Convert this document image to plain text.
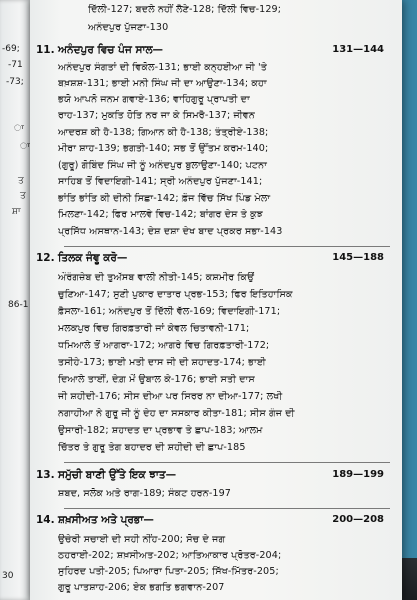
-69;
-71
-73;
ਾ
ਾ
ਤ
ਤ
ਸ਼ਾ
86-1
30
ਦਿੱਲੀ-127; ਬਦਲੇ ਨਹੀਂ ਲੈਣੇ-128; ਦਿੱਲੀ ਵਿਚ-129;
ਅਨੰਦਪੁਰ ਪੁੱਜਣਾ-130
11. ਅਨੰਦਪੁਰ ਵਿਚ ਪੰਜ ਸਾਲ—	131—144
ਅਨੰਦਪੁਰ ਸੰਗਤਾਂ ਦੀ ਵਿਕੋਲ-131; ਭਾਈ ਕਨ੍ਹਈਆ ਜੀ 'ਤੇ
ਬਖ਼ਸ਼ਸ਼-131; ਭਾਈ ਮਨੀ ਸਿੰਘ ਜੀ ਦਾ ਆਉਣਾ-134; ਕਹਾ
ਭਯੋ ਆਪਨੋ ਜਨਮ ਗਵਾਏ-136; ਵਾਹਿਗੁਰੂ ਪ੍ਰਾਪਤੀ ਦਾ
ਰਾਹ-137; ਮੁਕਤਿ ਹੋਤਿ ਨਰ ਜਾ ਕੇ ਸਿਮਰੈ-137; ਜੀਵਨ
ਆਦਰਸ਼ ਕੀ ਹੈ-138; ਗਿਆਨ ਕੀ ਹੈ-138; ਤੰਤ੍ਰੀਏ-138;
ਮੀਰਾ ਸ਼ਾਹ-139; ਭਗਤੀ-140; ਸਭ ਤੋਂ ਉੱਤਮ ਕਰਮ-140;
(ਗੁਰੂ) ਗੋਬਿੰਦ ਸਿੰਘ ਜੀ ਨੂੰ ਅਨੰਦਪੁਰ ਬੁਲਾਉਣਾ-140; ਪਟਨਾ
ਸਾਹਿਬ ਤੋਂ ਵਿਦਾਇਗੀ-141; ਸ੍ਰੀ ਅਨੰਦਪੁਰ ਪੁੱਜਣਾ-141;
ਭਾਂਤਿ ਭਾਂਤਿ ਕੀ ਦੀਨੀ ਸਿਛਾ-142; ਫ਼ੌਜ ਵਿੱਚ ਸਿੱਖ ਪਿੰਡ ਮੇਲਾ
ਮਿਲਣਾ-142; ਫਿਰ ਮਾਲਵੇ ਵਿਚ-142; ਬਾਂਗਰ ਦੇਸ ਤੇ ਕੁਝ
ਪ੍ਰਸਿੱਧ ਅਸਥਾਨ-143; ਦੇਸ਼ ਦਸ਼ਾ ਦੇਖ ਬਾਦ ਪ੍ਰਕਰ ਸਭਾ-143
12. ਤਿਲਕ ਜੰਞੂ ਕਰੋ—	145—188
ਔਰੰਗਜ਼ੇਬ ਦੀ ਤੁਅੱਸਬ ਵਾਲੀ ਨੀਤੀ-145; ਕਸ਼ਮੀਰ ਕਿਉਂ
ਚੁਣਿਆ-147; ਸੁਣੀ ਪੁਕਾਰ ਦਾਤਾਰ ਪ੍ਰਭ-153; ਫਿਰ ਇਤਿਹਾਸਿਕ
ਫ਼ੈਸਲਾ-161; ਅਨੰਦਪੁਰ ਤੋਂ ਦਿੱਲੀ ਵੱਲ-169; ਵਿਦਾਇਗੀ-171;
ਮਲਕਪੁਰ ਵਿਚ ਗਿਰਫ਼ਤਾਰੀ ਜਾਂ ਕੇਵਲ ਚਿਤਾਵਨੀ-171;
ਧਮਿਆਲੇ ਤੋਂ ਆਗਰਾ-172; ਆਗਰੇ ਵਿਚ ਗਿਰਫ਼ਤਾਰੀ-172;
ਤਸੀਹੇ-173; ਭਾਈ ਮਤੀ ਦਾਸ ਜੀ ਦੀ ਸ਼ਹਾਦਤ-174; ਭਾਈ
ਦਿਆਲੇ ਤਾਈਂ, ਦੇਗ਼ ਮੇਂ ਉਬਾਲ ਕੇ-176; ਭਾਈ ਸਤੀ ਦਾਸ
ਜੀ ਸ਼ਹੀਦੀ-176; ਸੀਸ ਦੀਆ ਪਰ ਸਿਰਰ ਨਾ ਦੀਆ-177; ਲਖੀ
ਨਗਾਹੀਆ ਨੇ ਗੁਰੂ ਜੀ ਨੂੰ ਦੇਹ ਦਾ ਸਸਕਾਰ ਕੀਤਾ-181; ਸੀਸ ਗੰਜ ਦੀ
ਉਸਾਰੀ-182; ਸ਼ਹਾਦਤ ਦਾ ਪ੍ਰਭਾਵ ਤੇ ਛਾਪ-183; ਆਲਮ
ਚਿੱਤਰ ਤੇ ਗੁਰੂ ਤੇਗ ਬਹਾਦਰ ਦੀ ਸ਼ਹੀਦੀ ਦੀ ਛਾਪ-185
13. ਸਮੁੱਚੀ ਬਾਣੀ ਉੱਤੇ ਇਕ ਝਾਤ—	189—199
ਸ਼ਬਦ, ਸਲੋਕ ਅਤੇ ਰਾਗ-189; ਸੰਕਟ ਹਰਨ-197
14. ਸ਼ਖ਼ਸੀਅਤ ਅਤੇ ਪ੍ਰਭਾ—	200—208
ਉਚੇਰੀ ਸਚਾਈ ਦੀ ਸਹੀ ਨੀਂਹ-200; ਸੋਚ ਦੇ ਜਗ
ਠਹਰਾਈ-202; ਸ਼ਖ਼ਸੀਅਤ-202; ਆਤਿਆਕਾਰ ਪ੍ਰੋਤਰ-204;
ਸੁਹਿਰਦ ਪਤੀ-205; ਪਿਆਰਾ ਪਿਤਾ-205; ਸਿੱਖ-ਮਿੱਤਰ-205;
ਗੁਰੂ ਪਾਤਸ਼ਾਹ-206; ਏਕ ਭਗਤਿ ਭਗਵਾਨ-207
